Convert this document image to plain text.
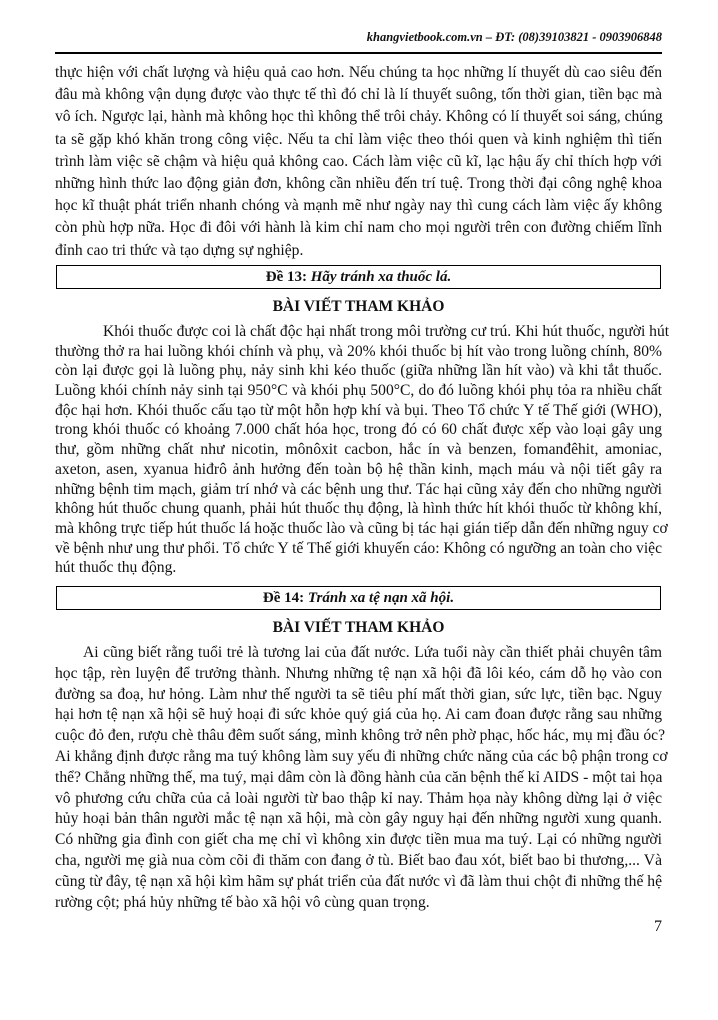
khangvietbook.com.vn – ĐT: (08)39103821 - 0903906848
thực hiện với chất lượng và hiệu quả cao hơn. Nếu chúng ta học những lí thuyết dù cao siêu đến
đâu mà không vận dụng được vào thực tế thì đó chỉ là lí thuyết suông, tốn thời gian, tiền bạc mà
vô ích. Ngược lại, hành mà không học thì không thể trôi chảy. Không có lí thuyết soi sáng, chúng
ta sẽ gặp khó khăn trong công việc. Nếu ta chỉ làm việc theo thói quen và kinh nghiệm thì tiến
trình làm việc sẽ chậm và hiệu quả không cao. Cách làm việc cũ kĩ, lạc hậu ấy chỉ thích hợp với
những hình thức lao động giản đơn, không cần nhiều đến trí tuệ. Trong thời đại công nghệ khoa
học kĩ thuật phát triển nhanh chóng và mạnh mẽ như ngày nay thì cung cách làm việc ấy không
còn phù hợp nữa. Học đi đôi với hành là kim chỉ nam cho mọi người trên con đường chiếm lĩnh
đỉnh cao tri thức và tạo dựng sự nghiệp.
Đề 13: Hãy tránh xa thuốc lá.
BÀI VIẾT THAM KHẢO
Khói thuốc được coi là chất độc hại nhất trong môi trường cư trú. Khi hút thuốc, người hút
thường thở ra hai luồng khói chính và phụ, và 20% khói thuốc bị hít vào trong luồng chính, 80%
còn lại được gọi là luồng phụ, nảy sinh khi kéo thuốc (giữa những lần hít vào) và khi tắt thuốc.
Luồng khói chính nảy sinh tại 950°C và khói phụ 500°C, do đó luồng khói phụ tỏa ra nhiều chất
độc hại hơn. Khói thuốc cấu tạo từ một hỗn hợp khí và bụi. Theo Tổ chức Y tế Thế giới (WHO),
trong khói thuốc có khoảng 7.000 chất hóa học, trong đó có 60 chất được xếp vào loại gây ung
thư, gồm những chất như nicotin, mônôxit cacbon, hắc ín và benzen, fomanđêhit, amoniac,
axeton, asen, xyanua hiđrô ảnh hưởng đến toàn bộ hệ thần kinh, mạch máu và nội tiết gây ra
những bệnh tim mạch, giảm trí nhớ và các bệnh ung thư. Tác hại cũng xảy đến cho những người
không hút thuốc chung quanh, phải hút thuốc thụ động, là hình thức hít khói thuốc từ không khí,
mà không trực tiếp hút thuốc lá hoặc thuốc lào và cũng bị tác hại gián tiếp dẫn đến những nguy cơ
về bệnh như ung thư phổi. Tổ chức Y tế Thế giới khuyến cáo: Không có ngưỡng an toàn cho việc
hút thuốc thụ động.
Đề 14: Tránh xa tệ nạn xã hội.
BÀI VIẾT THAM KHẢO
Ai cũng biết rằng tuổi trẻ là tương lai của đất nước. Lứa tuổi này cần thiết phải chuyên tâm
học tập, rèn luyện để trưởng thành. Nhưng những tệ nạn xã hội đã lôi kéo, cám dỗ họ vào con
đường sa đoạ, hư hỏng. Làm như thế người ta sẽ tiêu phí mất thời gian, sức lực, tiền bạc. Nguy
hại hơn tệ nạn xã hội sẽ huỷ hoại đi sức khỏe quý giá của họ. Ai cam đoan được rằng sau những
cuộc đỏ đen, rượu chè thâu đêm suốt sáng, mình không trở nên phờ phạc, hốc hác, mụ mị đầu óc?
Ai khẳng định được rằng ma tuý không làm suy yếu đi những chức năng của các bộ phận trong cơ
thể? Chẳng những thế, ma tuý, mại dâm còn là đồng hành của căn bệnh thế kỉ AIDS - một tai họa
vô phương cứu chữa của cả loài người từ bao thập kỉ nay. Thảm họa này không dừng lại ở việc
hủy hoại bản thân người mắc tệ nạn xã hội, mà còn gây nguy hại đến những người xung quanh.
Có những gia đình con giết cha mẹ chỉ vì không xin được tiền mua ma tuý. Lại có những người
cha, người mẹ già nua còm cõi đi thăm con đang ở tù. Biết bao đau xót, biết bao bi thương,... Và
cũng từ đây, tệ nạn xã hội kìm hãm sự phát triển của đất nước vì đã làm thui chột đi những thế hệ
rường cột; phá hủy những tế bào xã hội vô cùng quan trọng.
7
